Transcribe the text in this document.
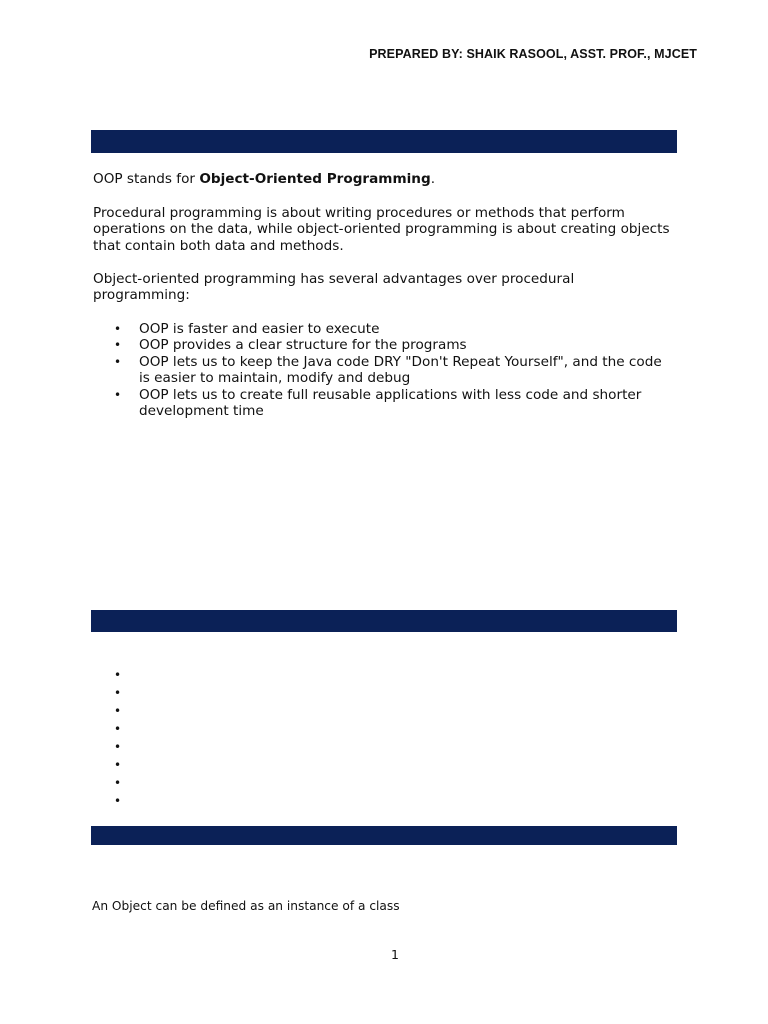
PREPARED BY: SHAIK RASOOL, ASST. PROF., MJCET

OOP stands for Object-Oriented Programming.

Procedural programming is about writing procedures or methods that perform operations on the data, while object-oriented programming is about creating objects that contain both data and methods.

Object-oriented programming has several advantages over procedural programming:

• OOP is faster and easier to execute
• OOP provides a clear structure for the programs
• OOP lets us to keep the Java code DRY "Don't Repeat Yourself", and the code is easier to maintain, modify and debug
• OOP lets us to create full reusable applications with less code and shorter development time
•
•
•
•
•
•
•
•
An Object can be defined as an instance of a class
1
